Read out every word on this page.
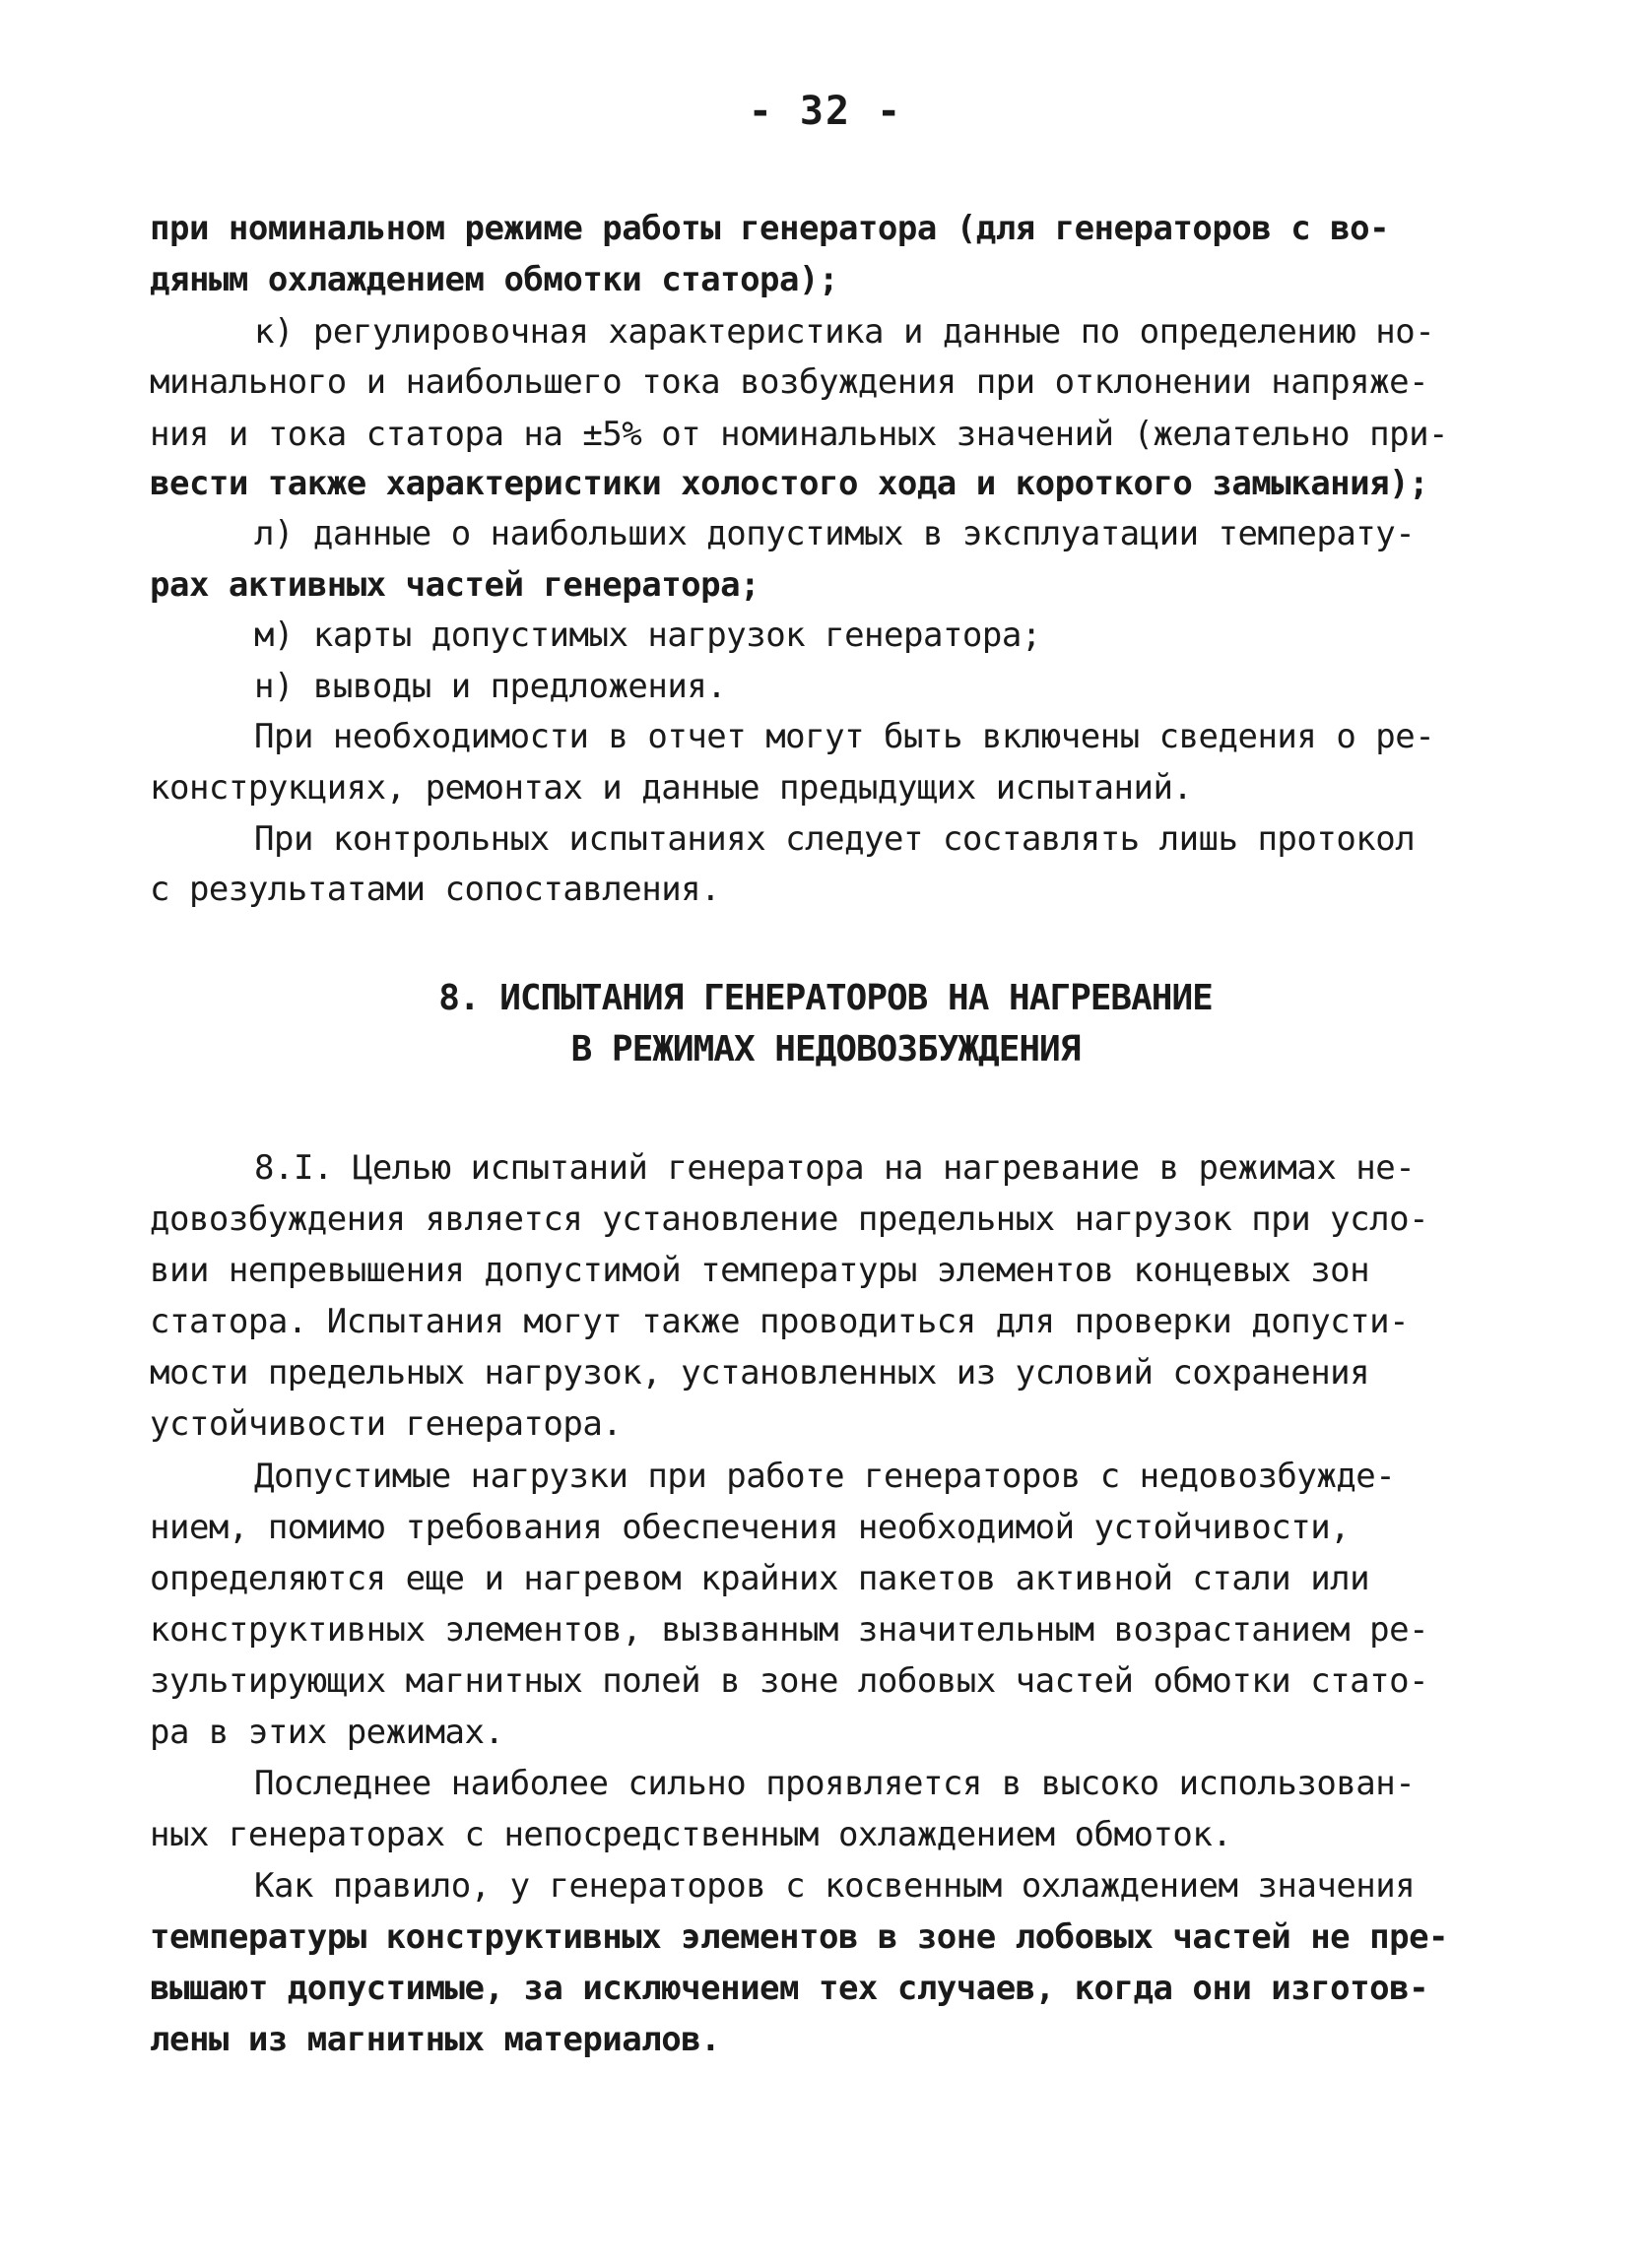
- 32 -
при номинальном режиме работы генератора (для генераторов с во-
дяным охлаждением обмотки статора);
к) регулировочная характеристика и данные по определению но-
минального и наибольшего тока возбуждения при отклонении напряже-
ния и тока статора на ±5% от номинальных значений (желательно при-
вести также характеристики холостого хода и короткого замыкания);
л) данные о наибольших допустимых в эксплуатации температу-
рах активных частей генератора;
м) карты допустимых нагрузок генератора;
н) выводы и предложения.
При необходимости в отчет могут быть включены сведения о ре-
конструкциях, ремонтах и данные предыдущих испытаний.
При контрольных испытаниях следует составлять лишь протокол
с результатами сопоставления.
8. ИСПЫТАНИЯ ГЕНЕРАТОРОВ НА НАГРЕВАНИЕ
В РЕЖИМАХ НЕДОВОЗБУЖДЕНИЯ
8.I. Целью испытаний генератора на нагревание в режимах не-
довозбуждения является установление предельных нагрузок при усло-
вии непревышения допустимой температуры элементов концевых зон
статора. Испытания могут также проводиться для проверки допусти-
мости предельных нагрузок, установленных из условий сохранения
устойчивости генератора.
Допустимые нагрузки при работе генераторов с недовозбужде-
нием, помимо требования обеспечения необходимой устойчивости,
определяются еще и нагревом крайних пакетов активной стали или
конструктивных элементов, вызванным значительным возрастанием ре-
зультирующих магнитных полей в зоне лобовых частей обмотки стато-
ра в этих режимах.
Последнее наиболее сильно проявляется в высоко использован-
ных генераторах с непосредственным охлаждением обмоток.
Как правило, у генераторов с косвенным охлаждением значения
температуры конструктивных элементов в зоне лобовых частей не пре-
вышают допустимые, за исключением тех случаев, когда они изготов-
лены из магнитных материалов.
